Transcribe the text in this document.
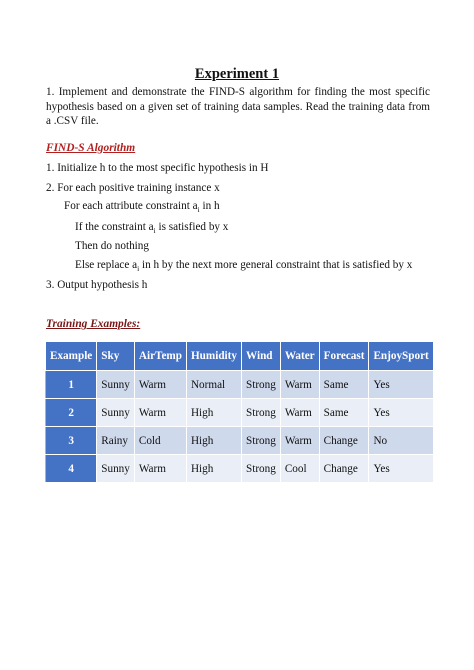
Experiment 1
1. Implement and demonstrate the FIND-S algorithm for finding the most specific hypothesis based on a given set of training data samples. Read the training data from a .CSV file.
FIND-S Algorithm
1. Initialize h to the most specific hypothesis in H
2. For each positive training instance x
For each attribute constraint $a_i$ in h
If the constraint $a_i$ is satisfied by x
Then do nothing
Else replace $a_i$ in h by the next more general constraint that is satisfied by x
3. Output hypothesis h
Training Examples:
Example	Sky	AirTemp	Humidity	Wind	Water	Forecast	EnjoySport
1	Sunny	Warm	Normal	Strong	Warm	Same	Yes
2	Sunny	Warm	High	Strong	Warm	Same	Yes
3	Rainy	Cold	High	Strong	Warm	Change	No
4	Sunny	Warm	High	Strong	Cool	Change	Yes
